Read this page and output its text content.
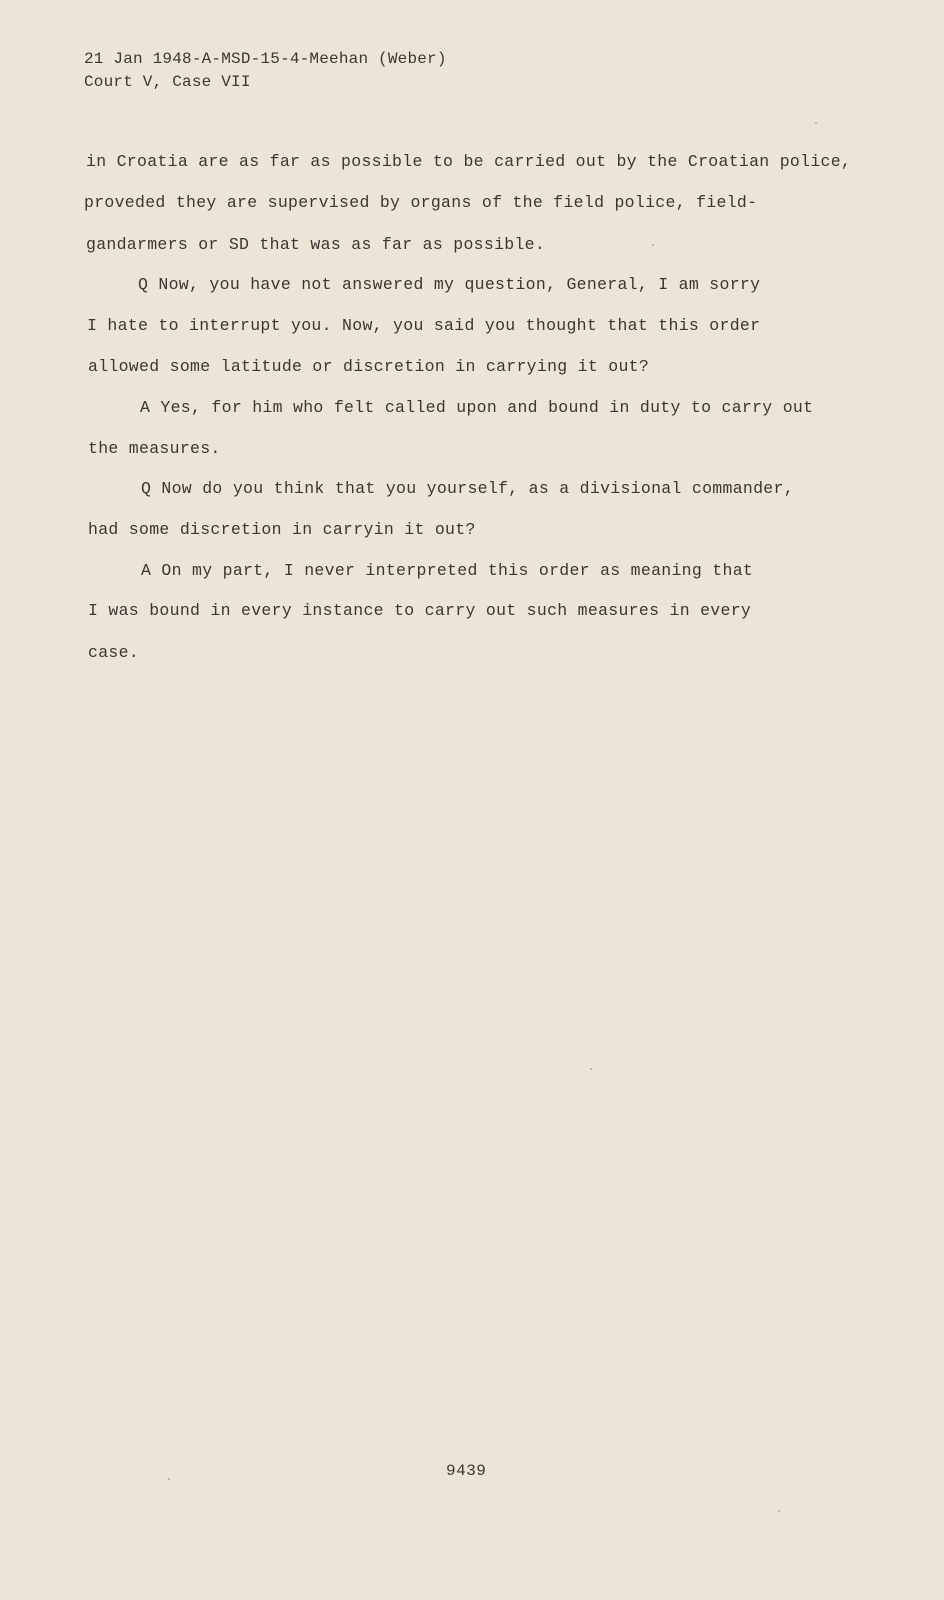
21 Jan 1948-A-MSD-15-4-Meehan (Weber)
Court V, Case VII
in Croatia are as far as possible to be carried out by the Croatian police,
proveded they are supervised by organs of the field police, field-
gandarmers or SD that was as far as possible.
Q Now, you have not answered my question, General, I am sorry
I hate to interrupt you. Now, you said you thought that this order
allowed some latitude or discretion in carrying it out?
A Yes, for him who felt called upon and bound in duty to carry out
the measures.
Q Now do you think that you yourself, as a divisional commander,
had some discretion in carryin it out?
A On my part, I never interpreted this order as meaning that
I was bound in every instance to carry out such measures in every
case.
9439
